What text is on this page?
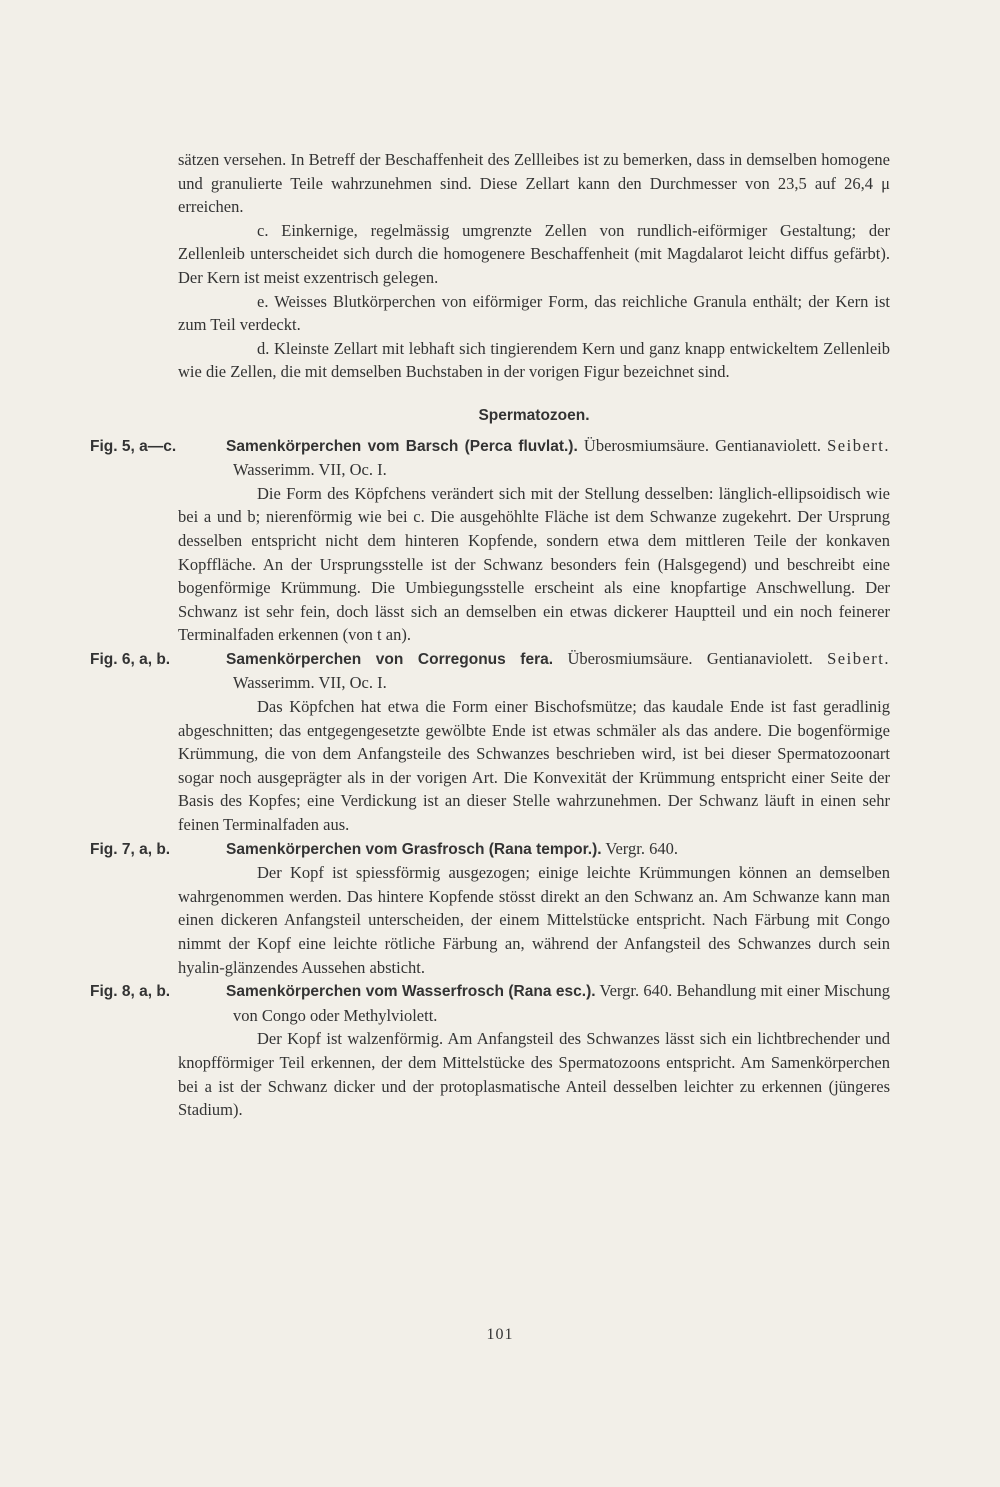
sätzen versehen. In Betreff der Beschaffenheit des Zellleibes ist zu bemerken, dass in demselben homogene und granulierte Teile wahrzunehmen sind. Diese Zellart kann den Durchmesser von 23,5 auf 26,4 μ erreichen.

c. Einkernige, regelmässig umgrenzte Zellen von rundlich-eiförmiger Gestaltung; der Zellenleib unterscheidet sich durch die homogenere Beschaffenheit (mit Magdalarot leicht diffus gefärbt). Der Kern ist meist exzentrisch gelegen.

e. Weisses Blutkörperchen von eiförmiger Form, das reichliche Granula enthält; der Kern ist zum Teil verdeckt.

d. Kleinste Zellart mit lebhaft sich tingierendem Kern und ganz knapp entwickeltem Zellenleib wie die Zellen, die mit demselben Buchstaben in der vorigen Figur bezeichnet sind.

Spermatozoen.

Fig. 5, a—c.	Samenkörperchen vom Barsch (Perca fluvlat.). Überosmiumsäure. Gentianaviolett. Seibert. Wasserimm. VII, Oc. I.

Die Form des Köpfchens verändert sich mit der Stellung desselben: länglich-ellipsoidisch wie bei a und b; nierenförmig wie bei c. Die ausgehöhlte Fläche ist dem Schwanze zugekehrt. Der Ursprung desselben entspricht nicht dem hinteren Kopfende, sondern etwa dem mittleren Teile der konkaven Kopffläche. An der Ursprungsstelle ist der Schwanz besonders fein (Halsgegend) und beschreibt eine bogenförmige Krümmung. Die Umbiegungsstelle erscheint als eine knopfartige Anschwellung. Der Schwanz ist sehr fein, doch lässt sich an demselben ein etwas dickerer Hauptteil und ein noch feinerer Terminalfaden erkennen (von t an).

Fig. 6, a, b.	Samenkörperchen von Corregonus fera. Überosmiumsäure. Gentianaviolett. Seibert. Wasserimm. VII, Oc. I.

Das Köpfchen hat etwa die Form einer Bischofsmütze; das kaudale Ende ist fast geradlinig abgeschnitten; das entgegengesetzte gewölbte Ende ist etwas schmäler als das andere. Die bogenförmige Krümmung, die von dem Anfangsteile des Schwanzes beschrieben wird, ist bei dieser Spermatozoonart sogar noch ausgeprägter als in der vorigen Art. Die Konvexität der Krümmung entspricht einer Seite der Basis des Kopfes; eine Verdickung ist an dieser Stelle wahrzunehmen. Der Schwanz läuft in einen sehr feinen Terminalfaden aus.

Fig. 7, a, b.	Samenkörperchen vom Grasfrosch (Rana tempor.). Vergr. 640.

Der Kopf ist spiessförmig ausgezogen; einige leichte Krümmungen können an demselben wahrgenommen werden. Das hintere Kopfende stösst direkt an den Schwanz an. Am Schwanze kann man einen dickeren Anfangsteil unterscheiden, der einem Mittelstücke entspricht. Nach Färbung mit Congo nimmt der Kopf eine leichte rötliche Färbung an, während der Anfangsteil des Schwanzes durch sein hyalin-glänzendes Aussehen absticht.

Fig. 8, a, b.	Samenkörperchen vom Wasserfrosch (Rana esc.). Vergr. 640. Behandlung mit einer Mischung von Congo oder Methylviolett.

Der Kopf ist walzenförmig. Am Anfangsteil des Schwanzes lässt sich ein lichtbrechender und knopfförmiger Teil erkennen, der dem Mittelstücke des Spermatozoons entspricht. Am Samenkörperchen bei a ist der Schwanz dicker und der protoplasmatische Anteil desselben leichter zu erkennen (jüngeres Stadium).

101
